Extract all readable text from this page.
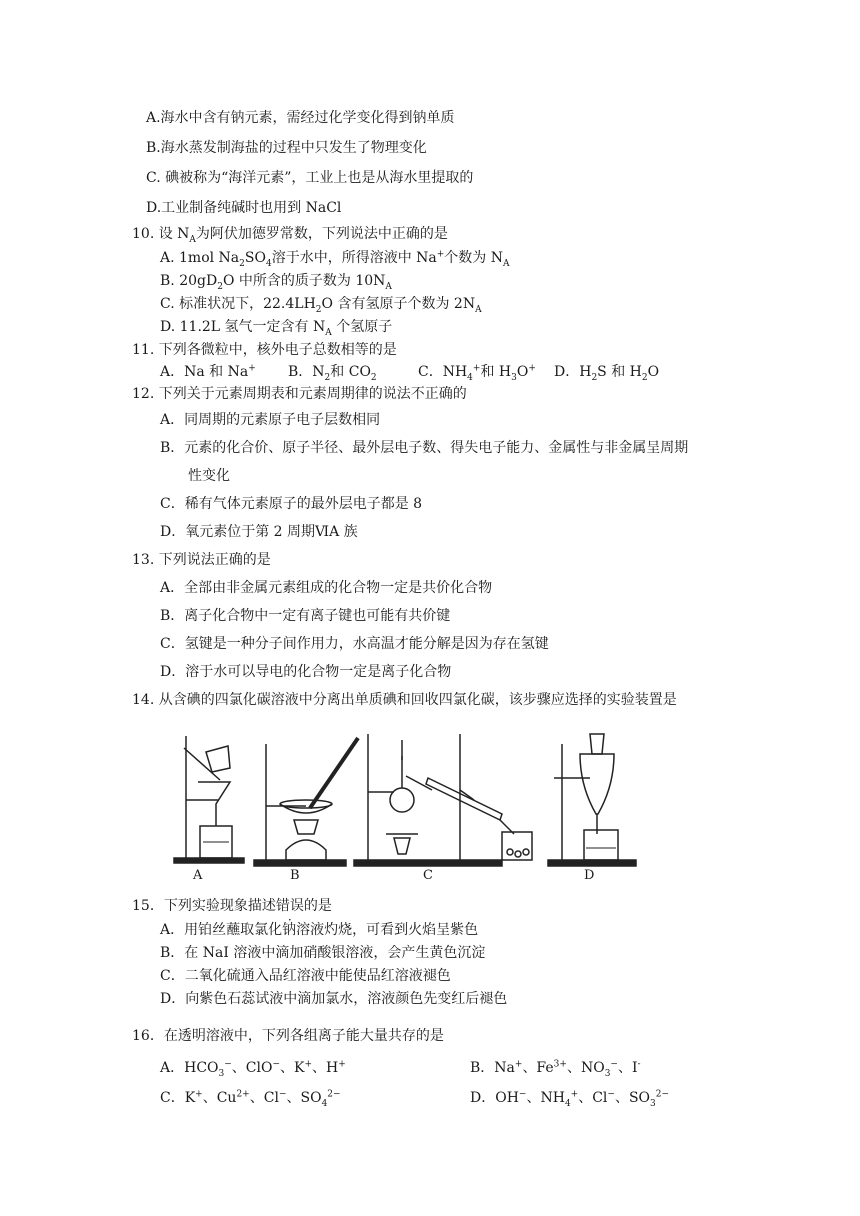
A.海水中含有钠元素，需经过化学变化得到钠单质
B.海水蒸发制海盐的过程中只发生了物理变化
C. 碘被称为“海洋元素”，工业上也是从海水里提取的
D.工业制备纯碱时也用到 NaCl
10. 设 $N_A$为阿伏加德罗常数，下列说法中正确的是
A. 1mol $Na_2SO_4$溶于水中，所得溶液中 Na+个数为 $N_A$
B. $20gD_2O$ 中所含的质子数为 $10N_A$
C. 标准状况下，$22.4LH_2O$ 含有氢原子个数为 $2N_A$
D. 11.2L 氢气一定含有 $N_A$ 个氢原子
11. 下列各微粒中，核外电子总数相等的是
A．Na 和 Na+ B．$N_2$和 $CO_2$	C．$NH_4^+$和 $H_3O^+$ D．$H_2S$ 和 $H_2O$
12. 下列关于元素周期表和元素周期律的说法不正确的
A．同周期的元素原子电子层数相同
B．元素的化合价、原子半径、最外层电子数、得失电子能力、金属性与非金属呈周期
性变化
C．稀有气体元素原子的最外层电子都是 8
D．氧元素位于第 2 周期ⅥA 族
13. 下列说法正确的是
A．全部由非金属元素组成的化合物一定是共价化合物
B．离子化合物中一定有离子键也可能有共价键
C．氢键是一种分子间作用力，水高温才能分解是因为存在氢键
D．溶于水可以导电的化合物一定是离子化合物
14. 从含碘的四氯化碳溶液中分离出单质碘和回收四氯化碳，该步骤应选择的实验装置是
A	B	C	D
15．下列实验现象描述错误的是
A．用铂丝蘸取氯化钠溶液灼烧，可看到火焰呈紫色
B．在 NaI 溶液中滴加硝酸银溶液，会产生黄色沉淀
C．二氧化硫通入品红溶液中能使品红溶液褪色
D．向紫色石蕊试液中滴加氯水，溶液颜色先变红后褪色
16．在透明溶液中，下列各组离子能大量共存的是
A．$HCO_3^-$、ClO−、K+、H+	B．Na+、$Fe^{3+}$、$NO_3^-$、I-
C．K+、$Cu^{2+}$、Cl−、$SO_4^{2-}$	D．OH−、$NH_4^+$、Cl−、$SO_3^{2-}$
